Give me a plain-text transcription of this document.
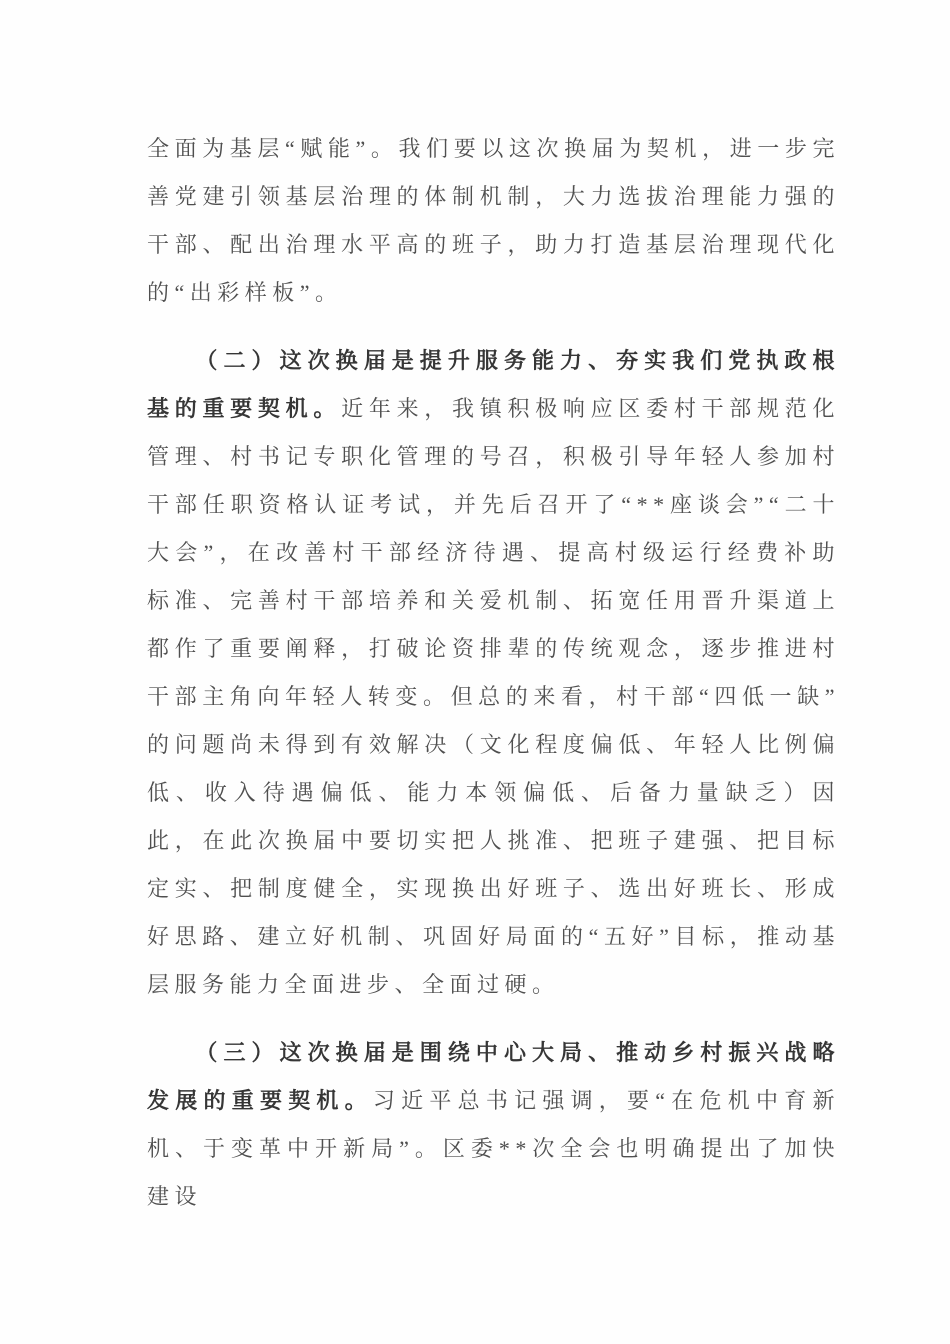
全面为基层“赋能”。我们要以这次换届为契机，进一步完善党建引领基层治理的体制机制，大力选拔治理能力强的干部、配出治理水平高的班子，助力打造基层治理现代化的“出彩样板”。

（二）这次换届是提升服务能力、夯实我们党执政根基的重要契机。近年来，我镇积极响应区委村干部规范化管理、村书记专职化管理的号召，积极引导年轻人参加村干部任职资格认证考试，并先后召开了“**座谈会”“二十大会”，在改善村干部经济待遇、提高村级运行经费补助标准、完善村干部培养和关爱机制、拓宽任用晋升渠道上都作了重要阐释，打破论资排辈的传统观念，逐步推进村干部主角向年轻人转变。但总的来看，村干部“四低一缺”的问题尚未得到有效解决（文化程度偏低、年轻人比例偏低、收入待遇偏低、能力本领偏低、后备力量缺乏）因此，在此次换届中要切实把人挑准、把班子建强、把目标定实、把制度健全，实现换出好班子、选出好班长、形成好思路、建立好机制、巩固好局面的“五好”目标，推动基层服务能力全面进步、全面过硬。

（三）这次换届是围绕中心大局、推动乡村振兴战略发展的重要契机。习近平总书记强调，要“在危机中育新机、于变革中开新局”。区委**次全会也明确提出了加快建设
